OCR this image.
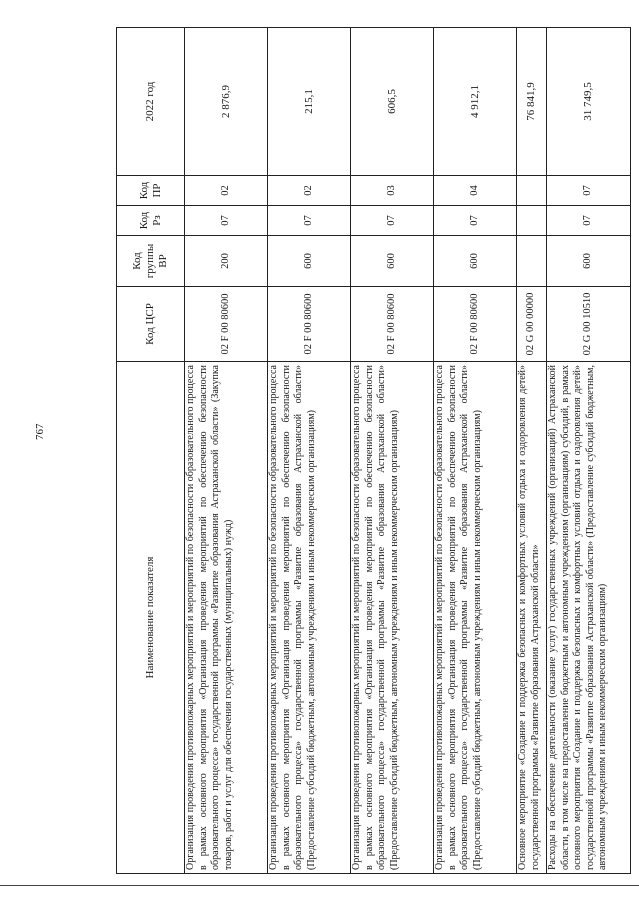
767
Наименование показателя	Код ЦСР	Код группы ВР	Код Рз	Код ПР	2022 год
Организация проведения противопожарных мероприятий и мероприятий по безопасности образовательного процесса в рамках основного мероприятия «Организация проведения мероприятий по обеспечению безопасности образовательного процесса» государственной программы «Развитие образования Астраханской области» (Закупка товаров, работ и услуг для обеспечения государственных (муниципальных) нужд)	02 F 00 80600	200	07	02	2 876,9
Организация проведения противопожарных мероприятий и мероприятий по безопасности образовательного процесса в рамках основного мероприятия «Организация проведения мероприятий по обеспечению безопасности образовательного процесса» государственной программы «Развитие образования Астраханской области» (Предоставление субсидий бюджетным, автономным учреждениям и иным некоммерческим организациям)	02 F 00 80600	600	07	02	215,1
Организация проведения противопожарных мероприятий и мероприятий по безопасности образовательного процесса в рамках основного мероприятия «Организация проведения мероприятий по обеспечению безопасности образовательного процесса» государственной программы «Развитие образования Астраханской области» (Предоставление субсидий бюджетным, автономным учреждениям и иным некоммерческим организациям)	02 F 00 80600	600	07	03	606,5
Организация проведения противопожарных мероприятий и мероприятий по безопасности образовательного процесса в рамках основного мероприятия «Организация проведения мероприятий по обеспечению безопасности образовательного процесса» государственной программы «Развитие образования Астраханской области» (Предоставление субсидий бюджетным, автономным учреждениям и иным некоммерческим организациям)	02 F 00 80600	600	07	04	4 912,1
Основное мероприятие «Создание и поддержка безопасных и комфортных условий отдыха и оздоровления детей» государственной программы «Развитие образования Астраханской области»	02 G 00 00000				76 841,9
Расходы на обеспечение деятельности (оказание услуг) государственных учреждений (организаций) Астраханской области, в том числе на предоставление бюджетным и автономным учреждениям (организациям) субсидий, в рамках основного мероприятия «Создание и поддержка безопасных и комфортных условий отдыха и оздоровления детей» государственной программы «Развитие образования Астраханской области» (Предоставление субсидий бюджетным, автономным учреждениям и иным некоммерческим организациям)	02 G 00 10510	600	07	07	31 749,5
